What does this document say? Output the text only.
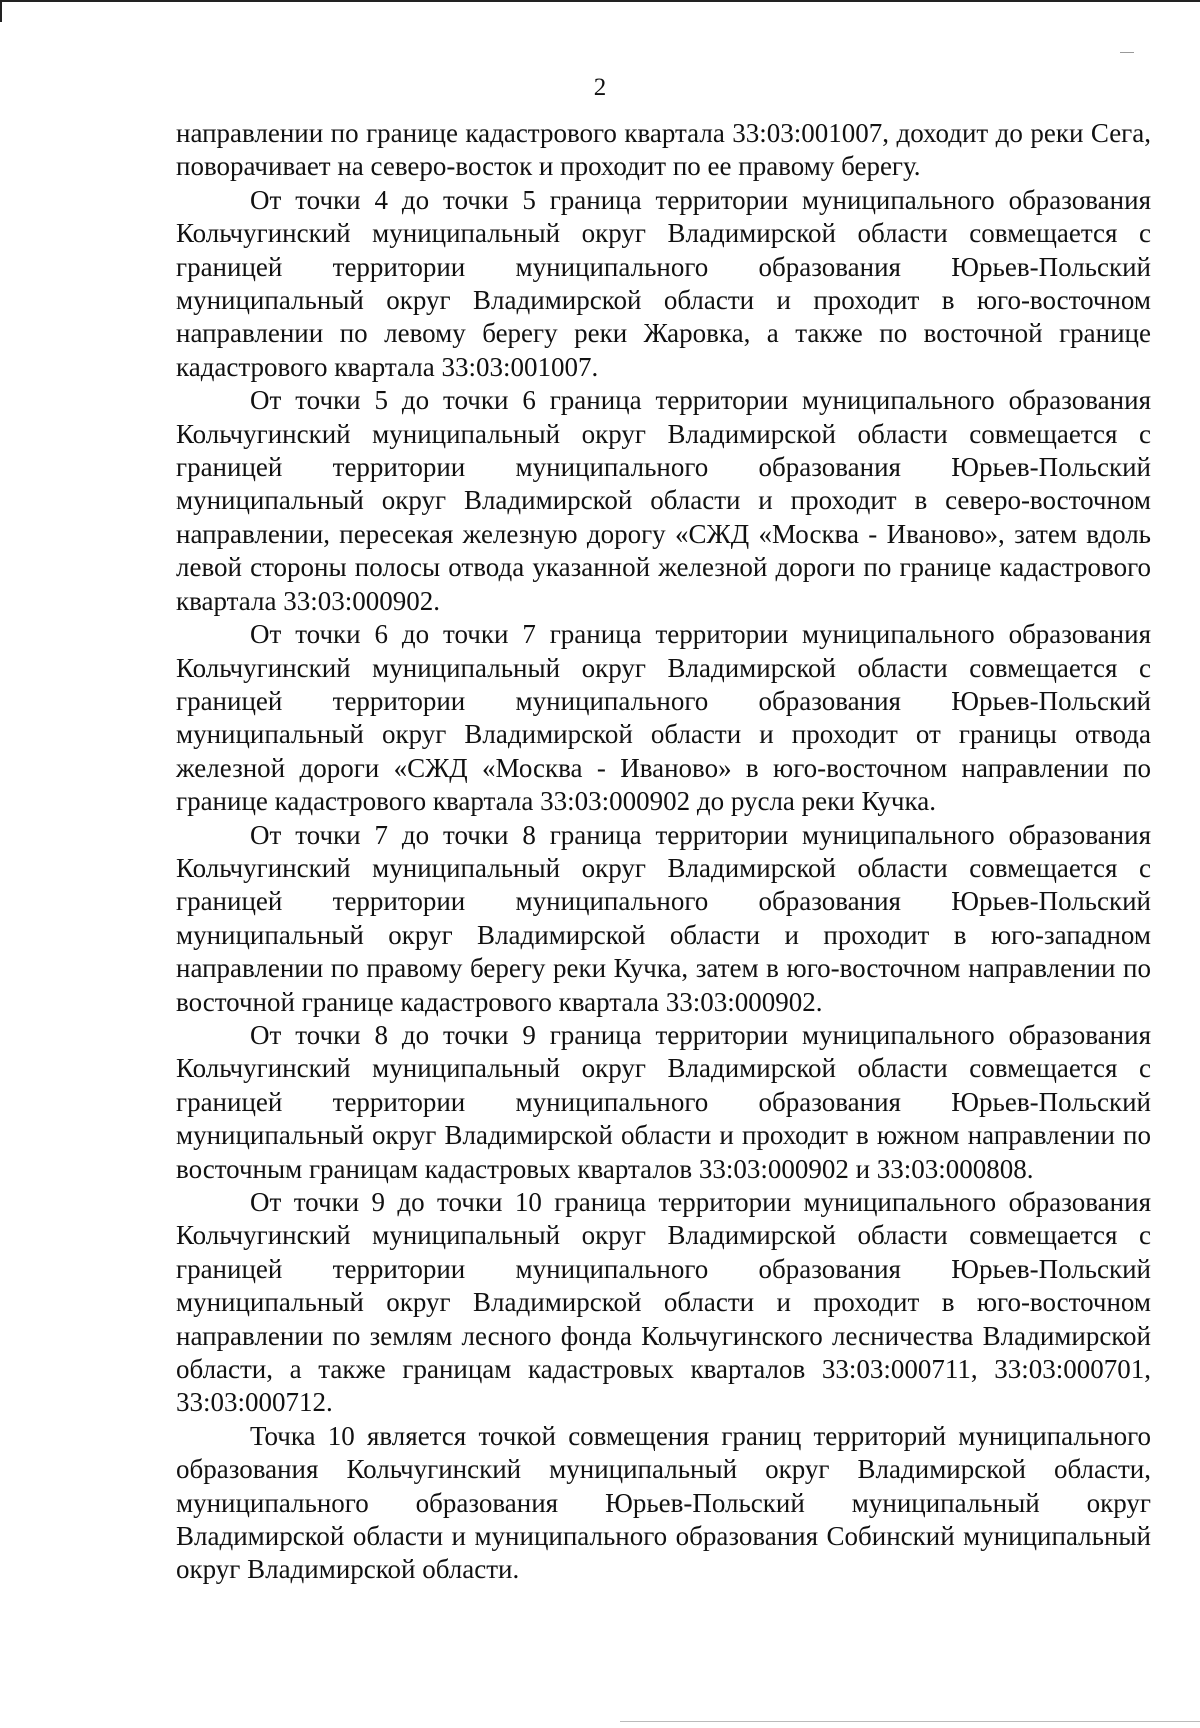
2

направлении по границе кадастрового квартала 33:03:001007, доходит до реки Сега, поворачивает на северо-восток и проходит по ее правому берегу.

От точки 4 до точки 5 граница территории муниципального образования Кольчугинский муниципальный округ Владимирской области совмещается с границей территории муниципального образования Юрьев-Польский муниципальный округ Владимирской области и проходит в юго-восточном направлении по левому берегу реки Жаровка, а также по восточной границе кадастрового квартала 33:03:001007.

От точки 5 до точки 6 граница территории муниципального образования Кольчугинский муниципальный округ Владимирской области совмещается с границей территории муниципального образования Юрьев-Польский муниципальный округ Владимирской области и проходит в северо-восточном направлении, пересекая железную дорогу «СЖД «Москва - Иваново», затем вдоль левой стороны полосы отвода указанной железной дороги по границе кадастрового квартала 33:03:000902.

От точки 6 до точки 7 граница территории муниципального образования Кольчугинский муниципальный округ Владимирской области совмещается с границей территории муниципального образования Юрьев-Польский муниципальный округ Владимирской области и проходит от границы отвода железной дороги «СЖД «Москва - Иваново» в юго-восточном направлении по границе кадастрового квартала 33:03:000902 до русла реки Кучка.

От точки 7 до точки 8 граница территории муниципального образования Кольчугинский муниципальный округ Владимирской области совмещается с границей территории муниципального образования Юрьев-Польский муниципальный округ Владимирской области и проходит в юго-западном направлении по правому берегу реки Кучка, затем в юго-восточном направлении по восточной границе кадастрового квартала 33:03:000902.

От точки 8 до точки 9 граница территории муниципального образования Кольчугинский муниципальный округ Владимирской области совмещается с границей территории муниципального образования Юрьев-Польский муниципальный округ Владимирской области и проходит в южном направлении по восточным границам кадастровых кварталов 33:03:000902 и 33:03:000808.

От точки 9 до точки 10 граница территории муниципального образования Кольчугинский муниципальный округ Владимирской области совмещается с границей территории муниципального образования Юрьев-Польский муниципальный округ Владимирской области и проходит в юго-восточном направлении по землям лесного фонда Кольчугинского лесничества Владимирской области, а также границам кадастровых кварталов 33:03:000711, 33:03:000701, 33:03:000712.

Точка 10 является точкой совмещения границ территорий муниципального образования Кольчугинский муниципальный округ Владимирской области, муниципального образования Юрьев-Польский муниципальный округ Владимирской области и муниципального образования Собинский муниципальный округ Владимирской области.
